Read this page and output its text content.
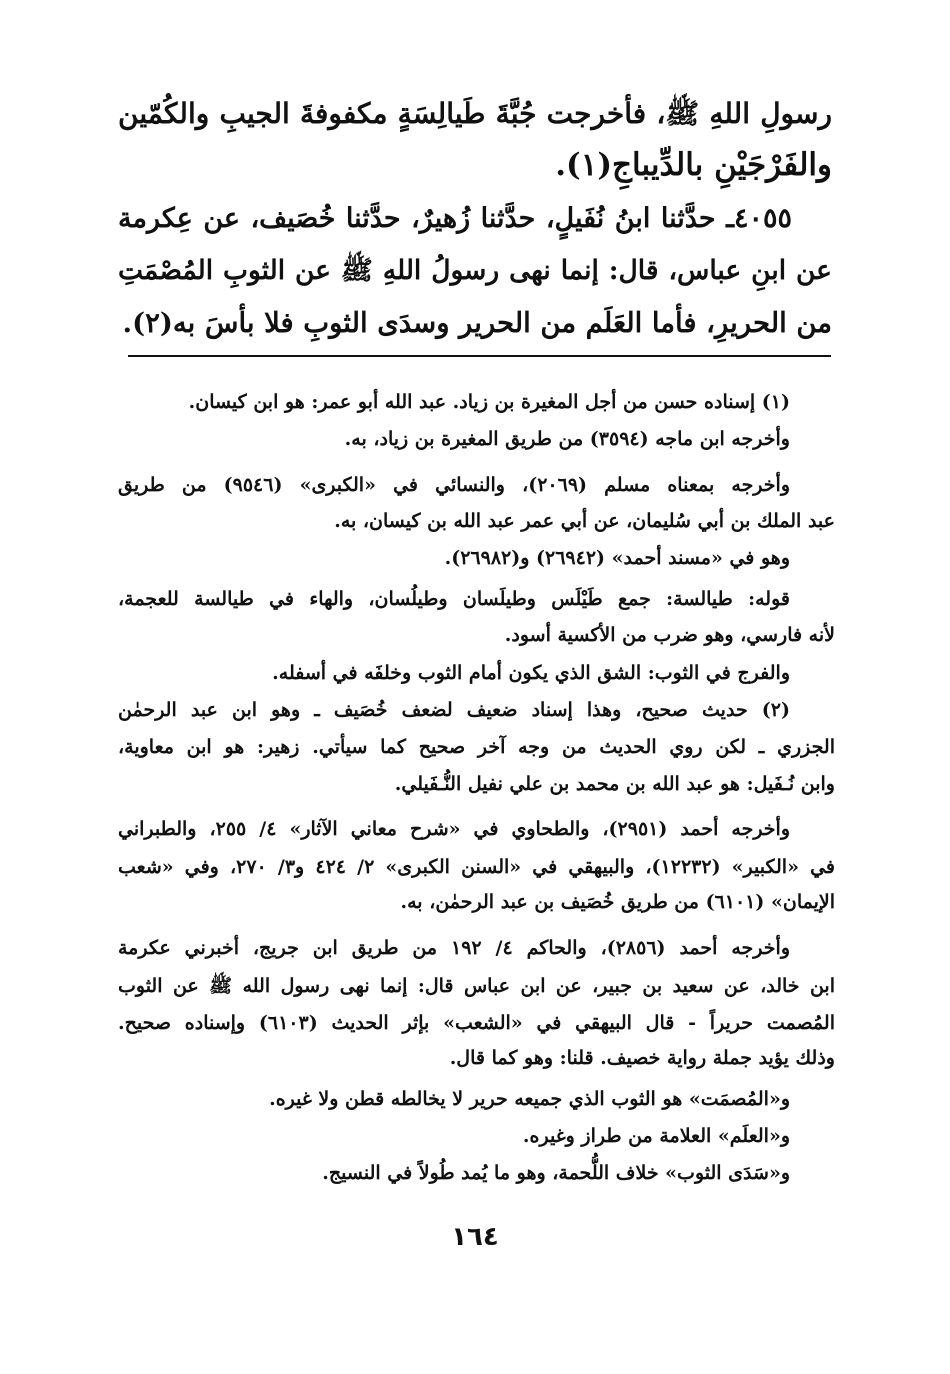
رسولِ اللهِ ﷺ، فأخرجت جُبَّةَ طَيالِسَةٍ مكفوفةَ الجيبِ والكُمّين
والفَرْجَيْنِ بالدِّيباجِ(١).
٤٠٥٥ـ حدَّثنا ابنُ نُفَيلٍ، حدَّثنا زُهيرٌ، حدَّثنا خُصَيف، عن عِكرمة
عن ابنِ عباس، قال: إنما نهى رسولُ اللهِ ﷺ عن الثوبِ المُصْمَتِ
من الحريرِ، فأما العَلَم من الحرير وسدَى الثوبِ فلا بأسَ به(٢).
(١) إسناده حسن من أجل المغيرة بن زياد. عبد الله أبو عمر: هو ابن كيسان.
وأخرجه ابن ماجه (٣٥٩٤) من طريق المغيرة بن زياد، به.
وأخرجه بمعناه مسلم (٢٠٦٩)، والنسائي في «الكبرى» (٩٥٤٦) من طريق
عبد الملك بن أبي سُليمان، عن أبي عمر عبد الله بن كيسان، به.
وهو في «مسند أحمد» (٢٦٩٤٢) و(٢٦٩٨٢).
قوله: طيالسة: جمع طَيْلَس وطيلَسان وطيلُسان، والهاء في طيالسة للعجمة،
لأنه فارسي، وهو ضرب من الأكسية أسود.
والفرج في الثوب: الشق الذي يكون أمام الثوب وخلفَه في أسفله.
(٢) حديث صحيح، وهذا إسناد ضعيف لضعف خُصَيف ـ وهو ابن عبد الرحمٰن
الجزري ـ لكن روي الحديث من وجه آخر صحيح كما سيأتي. زهير: هو ابن معاوية،
وابن نُـفَيل: هو عبد الله بن محمد بن علي نفيل النُّـفَيلي.
وأخرجه أحمد (٢٩٥١)، والطحاوي في «شرح معاني الآثار» ٤/ ٢٥٥، والطبراني
في «الكبير» (١٢٢٣٢)، والبيهقي في «السنن الكبرى» ٢/ ٤٢٤ و٣/ ٢٧٠، وفي «شعب
الإيمان» (٦١٠١) من طريق خُصَيف بن عبد الرحمٰن، به.
وأخرجه أحمد (٢٨٥٦)، والحاكم ٤/ ١٩٢ من طريق ابن جريج، أخبرني عكرمة
ابن خالد، عن سعيد بن جبير، عن ابن عباس قال: إنما نهى رسول الله ﷺ عن الثوب
المُصمت حريراً - قال البيهقي في «الشعب» بإثر الحديث (٦١٠٣) وإسناده صحيح.
وذلك يؤيد جملة رواية خصيف. قلنا: وهو كما قال.
و«المُصمَت» هو الثوب الذي جميعه حرير لا يخالطه قطن ولا غيره.
و«العلَم» العلامة من طراز وغيره.
و«سَدَى الثوب» خلاف اللُّحمة، وهو ما يُمد طُولاً في النسيج.
١٦٤
